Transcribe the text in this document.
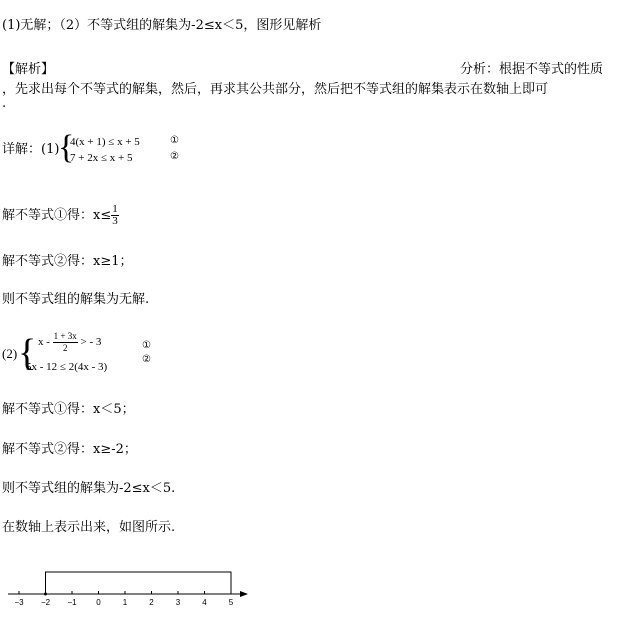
(1)无解；（2）不等式组的解集为-2≤x＜5，图形见解析
【解析】	分析：根据不等式的性质
，先求出每个不等式的解集，然后，再求其公共部分，然后把不等式组的解集表示在数轴上即可
.
详解：(1)
{
4(x + 1) ≤ x + 5
7 + 2x ≤ x + 5
①
②
解不等式①得：$x\le \frac{1}{3}$
解不等式②得：x≥1；
则不等式组的解集为无解.
(2) { x - $\frac{1 + 3x}{2}$ > - 3
5x - 12 ≤ 2(4x - 3)
①
②
解不等式①得：x＜5；
解不等式②得：x≥-2；
则不等式组的解集为-2≤x＜5.
在数轴上表示出来，如图所示.
−3 −2 −1 0	1	2	3	4	5
